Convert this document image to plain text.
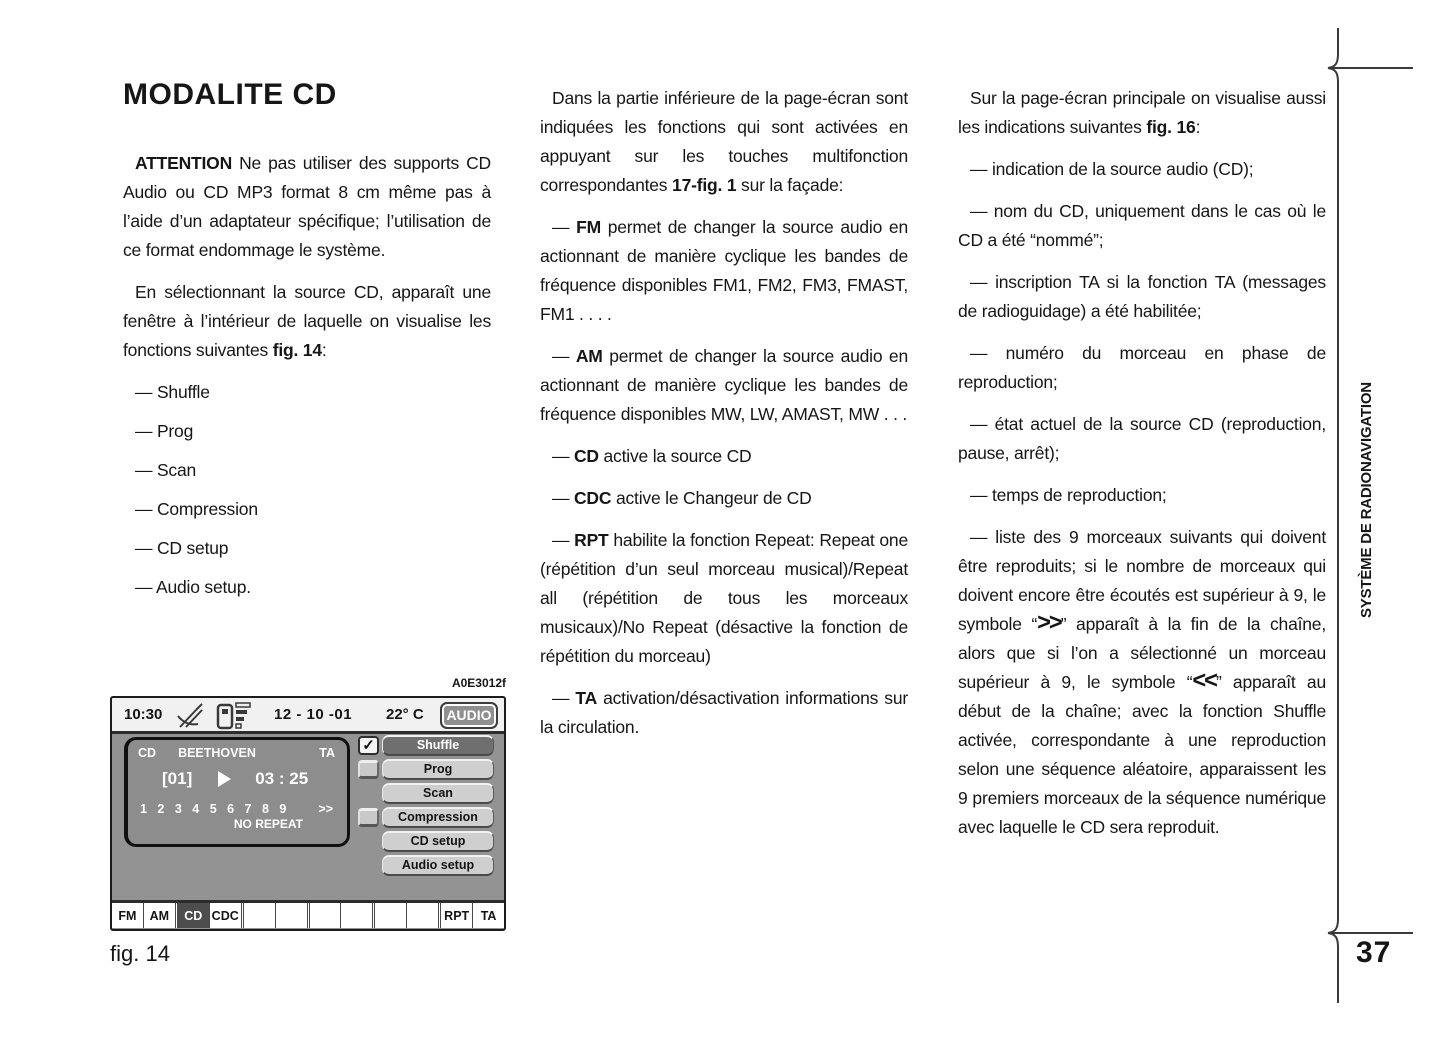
MODALITE CD

ATTENTION Ne pas utiliser des supports CD Audio ou CD MP3 format 8 cm même pas à l’aide d’un adaptateur spécifique; l’utilisation de ce format endommage le système.

En sélectionnant la source CD, apparaît une fenêtre à l’intérieur de laquelle on visualise les fonctions suivantes fig. 14:

— Shuffle
— Prog
— Scan
— Compression
— CD setup
— Audio setup.

Dans la partie inférieure de la page-écran sont indiquées les fonctions qui sont activées en appuyant sur les touches multifonction correspondantes 17-fig. 1 sur la façade:

— FM permet de changer la source audio en actionnant de manière cyclique les bandes de fréquence disponibles FM1, FM2, FM3, FMAST, FM1 . . . .

— AM permet de changer la source audio en actionnant de manière cyclique les bandes de fréquence disponibles MW, LW, AMAST, MW . . .

— CD active la source CD

— CDC active le Changeur de CD

— RPT habilite la fonction Repeat: Repeat one (répétition d’un seul morceau musical)/Repeat all (répétition de tous les morceaux musicaux)/No Repeat (désactive la fonction de répétition du morceau)

— TA activation/désactivation informations sur la circulation.

Sur la page-écran principale on visualise aussi les indications suivantes fig. 16:

— indication de la source audio (CD);

— nom du CD, uniquement dans le cas où le CD a été “nommé”;

— inscription TA si la fonction TA (messages de radioguidage) a été habilitée;

— numéro du morceau en phase de reproduction;

— état actuel de la source CD (reproduction, pause, arrêt);

— temps de reproduction;

— liste des 9 morceaux suivants qui doivent être reproduits; si le nombre de morceaux qui doivent encore être écoutés est supérieur à 9, le symbole “>>” apparaît à la fin de la chaîne, alors que si l’on a sélectionné un morceau supérieur à 9, le symbole “<<” apparaît au début de la chaîne; avec la fonction Shuffle activée, correspondante à une reproduction selon une séquence aléatoire, apparaissent les 9 premiers morceaux de la séquence numérique avec laquelle le CD sera reproduit.

A0E3012f
10:30	12 - 10 -01 22° C	AUDIO
CD BEETHOVEN	TA
[01]	03 : 25
1 2 3 4 5 6 7 8 9	>>
NO REPEAT
✓	Shuffle
Prog
Scan
Compression
CD setup
Audio setup
FM	AM	CD CDC	RPT TA
fig. 14
SYSTÈME DE RADIONAVIGATION
37
